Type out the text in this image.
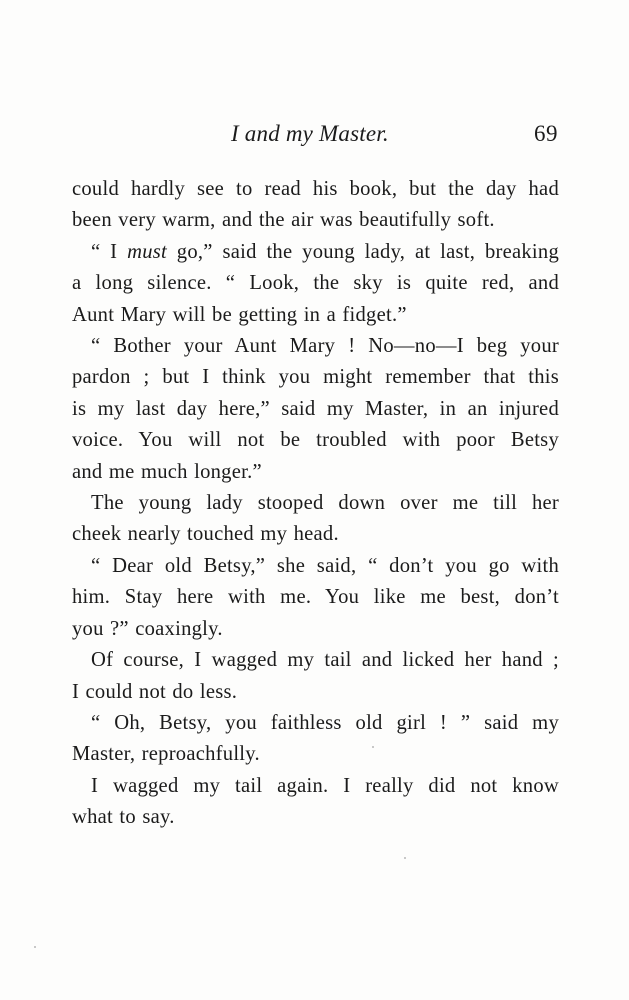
I and my Master.	69
could hardly see to read his book, but the day had
been very warm, and the air was beautifully soft.
“ I must go,” said the young lady, at last, breaking
a long silence. “ Look, the sky is quite red, and
Aunt Mary will be getting in a fidget.”
“ Bother your Aunt Mary ! No—no—I beg your
pardon ; but I think you might remember that this
is my last day here,” said my Master, in an injured
voice. You will not be troubled with poor Betsy
and me much longer.”
The young lady stooped down over me till her
cheek nearly touched my head.
“ Dear old Betsy,” she said, “ don’t you go with
him. Stay here with me. You like me best, don’t
you ?” coaxingly.
Of course, I wagged my tail and licked her hand ;
I could not do less.
“ Oh, Betsy, you faithless old girl ! ” said my
Master, reproachfully.
I wagged my tail again. I really did not know
what to say.
